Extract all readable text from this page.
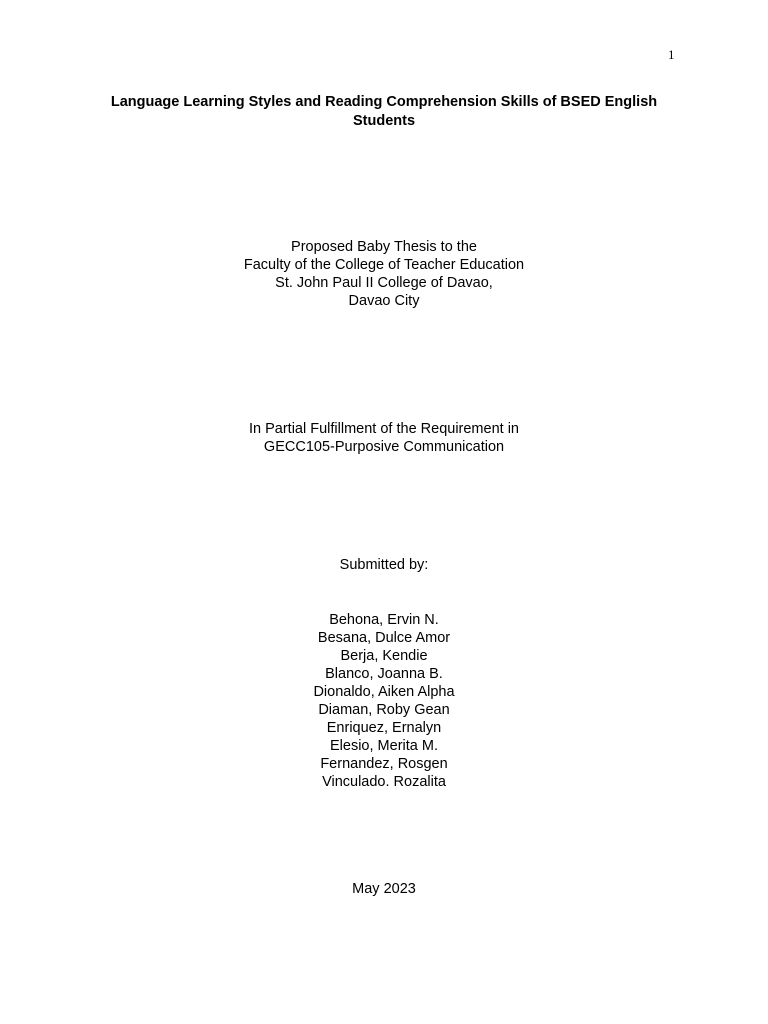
1
Language Learning Styles and Reading Comprehension Skills of BSED English Students
Proposed Baby Thesis to the
Faculty of the College of Teacher Education
St. John Paul II College of Davao,
Davao City
In Partial Fulfillment of the Requirement in
GECC105-Purposive Communication
Submitted by:
Behona, Ervin N.
Besana, Dulce Amor
Berja, Kendie
Blanco, Joanna B.
Dionaldo, Aiken Alpha
Diaman, Roby Gean
Enriquez, Ernalyn
Elesio, Merita M.
Fernandez, Rosgen
Vinculado. Rozalita
May 2023
